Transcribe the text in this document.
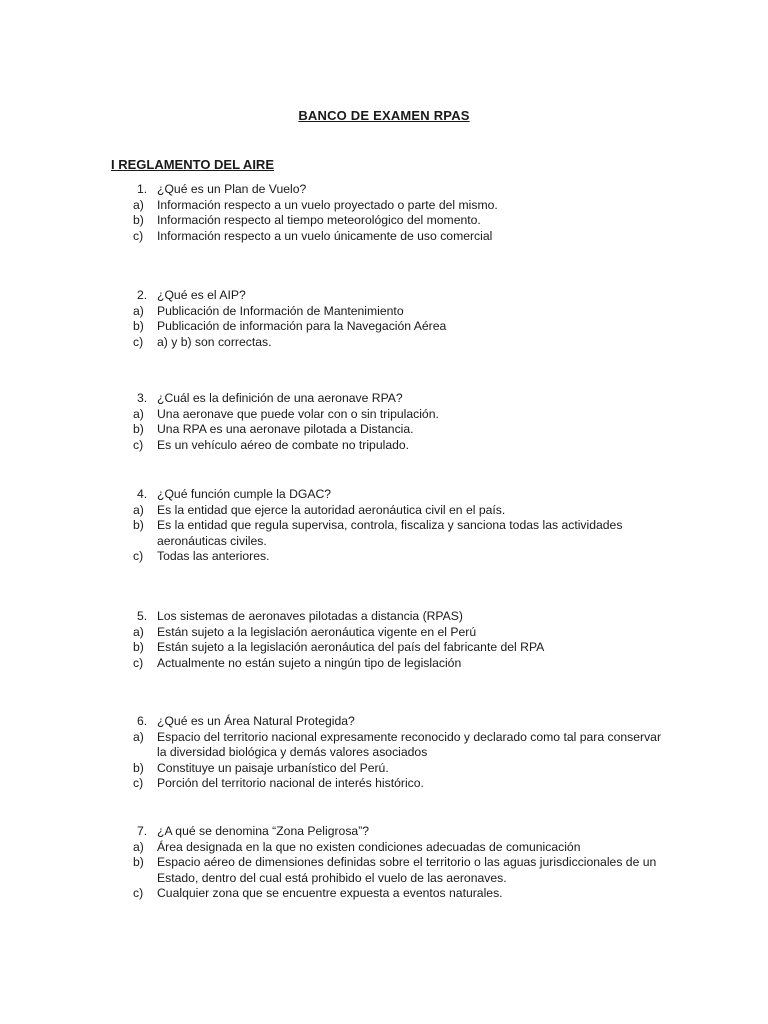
BANCO DE EXAMEN RPAS
I REGLAMENTO DEL AIRE
1. ¿Qué es un Plan de Vuelo?
a)	Información respecto a un vuelo proyectado o parte del mismo.
b)	Información respecto al tiempo meteorológico del momento.
c)	Información respecto a un vuelo únicamente de uso comercial
2. ¿Qué es el AIP?
a)	Publicación de Información de Mantenimiento
b)	Publicación de información para la Navegación Aérea
c)	a) y b) son correctas.
3. ¿Cuál es la definición de una aeronave RPA?
a)	Una aeronave que puede volar con o sin tripulación.
b)	Una RPA es una aeronave pilotada a Distancia.
c)	Es un vehículo aéreo de combate no tripulado.
4. ¿Qué función cumple la DGAC?
a)	Es la entidad que ejerce la autoridad aeronáutica civil en el país.
b)	Es la entidad que regula supervisa, controla, fiscaliza y sanciona todas las actividades aeronáuticas civiles.
c)	Todas las anteriores.
5. Los sistemas de aeronaves pilotadas a distancia (RPAS)
a)	Están sujeto a la legislación aeronáutica vigente en el Perú
b)	Están sujeto a la legislación aeronáutica del país del fabricante del RPA
c)	Actualmente no están sujeto a ningún tipo de legislación
6. ¿Qué es un Área Natural Protegida?
a)	Espacio del territorio nacional expresamente reconocido y declarado como tal para conservar la diversidad biológica y demás valores asociados
b)	Constituye un paisaje urbanístico del Perú.
c)	Porción del territorio nacional de interés histórico.
7. ¿A qué se denomina “Zona Peligrosa”?
a)	Área designada en la que no existen condiciones adecuadas de comunicación
b)	Espacio aéreo de dimensiones definidas sobre el territorio o las aguas jurisdiccionales de un Estado, dentro del cual está prohibido el vuelo de las aeronaves.
c)	Cualquier zona que se encuentre expuesta a eventos naturales.
